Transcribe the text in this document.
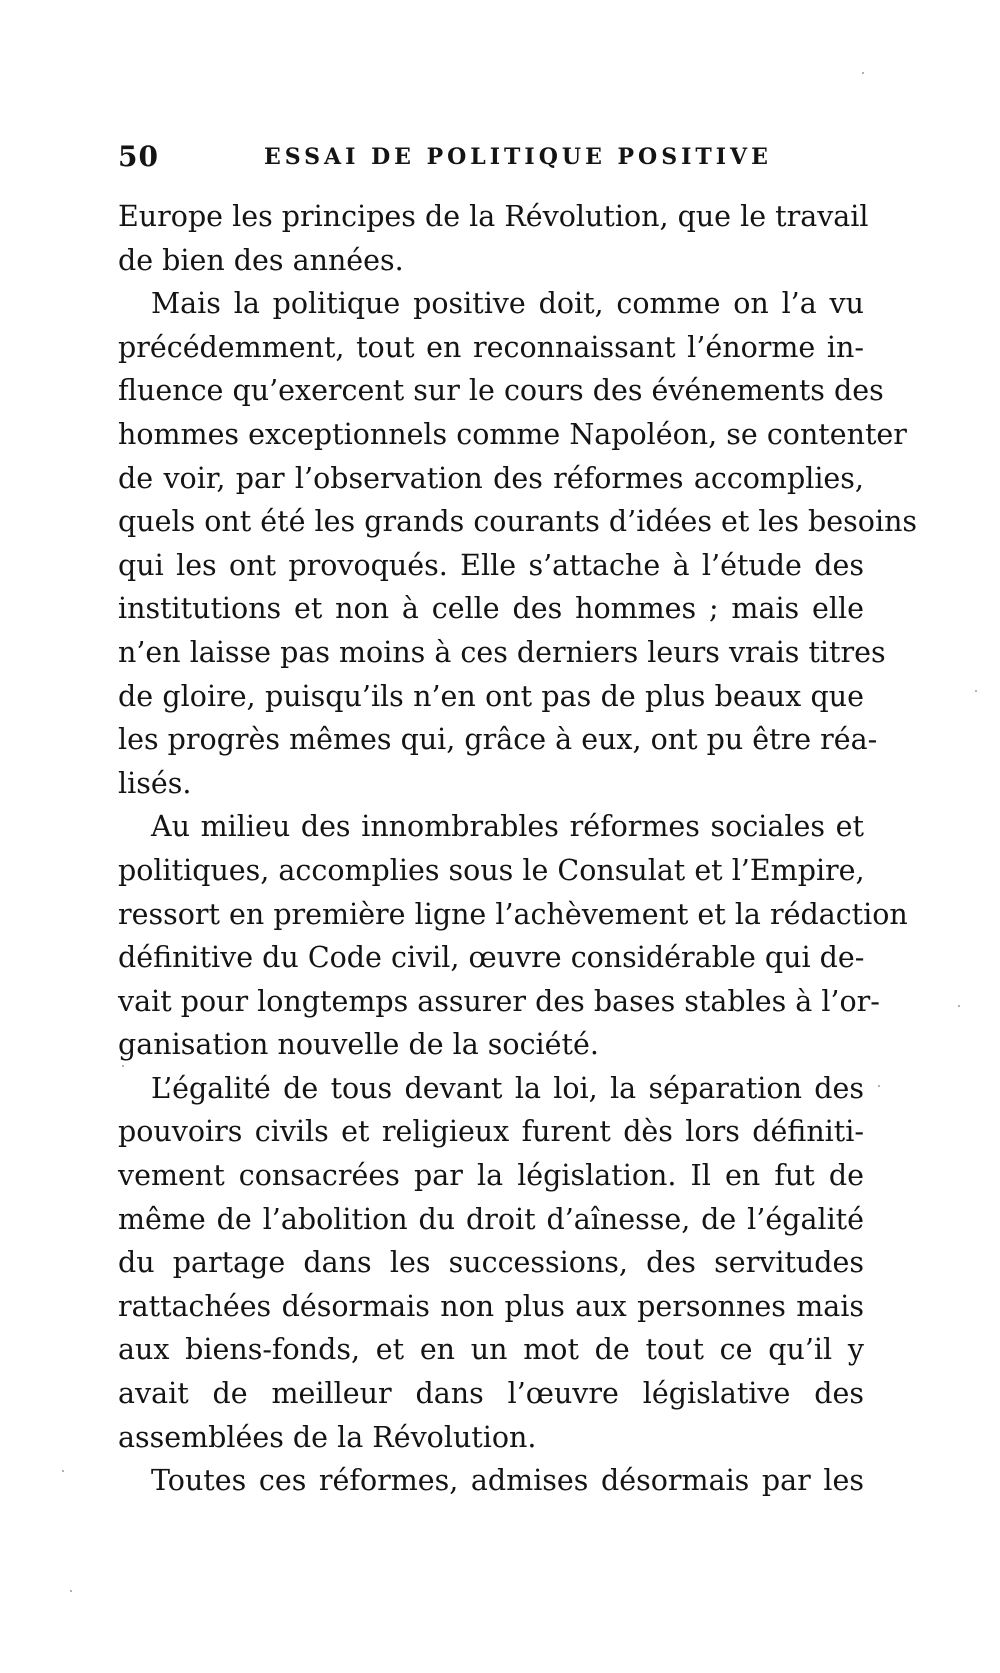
50	ESSAI DE POLITIQUE POSITIVE
Europe les principes de la Révolution, que le travail
de bien des années.
Mais la politique positive doit, comme on l’a vu
précédemment, tout en reconnaissant l’énorme in-
fluence qu’exercent sur le cours des événements des
hommes exceptionnels comme Napoléon, se contenter
de voir, par l’observation des réformes accomplies,
quels ont été les grands courants d’idées et les besoins
qui les ont provoqués. Elle s’attache à l’étude des
institutions et non à celle des hommes ; mais elle
n’en laisse pas moins à ces derniers leurs vrais titres
de gloire, puisqu’ils n’en ont pas de plus beaux que
les progrès mêmes qui, grâce à eux, ont pu être réa-
lisés.
Au milieu des innombrables réformes sociales et
politiques, accomplies sous le Consulat et l’Empire,
ressort en première ligne l’achèvement et la rédaction
définitive du Code civil, œuvre considérable qui de-
vait pour longtemps assurer des bases stables à l’or-
ganisation nouvelle de la société.
L’égalité de tous devant la loi, la séparation des
pouvoirs civils et religieux furent dès lors définiti-
vement consacrées par la législation. Il en fut de
même de l’abolition du droit d’aînesse, de l’égalité
du partage dans les successions, des servitudes
rattachées désormais non plus aux personnes mais
aux biens-fonds, et en un mot de tout ce qu’il y
avait de meilleur dans l’œuvre législative des
assemblées de la Révolution.
Toutes ces réformes, admises désormais par les
